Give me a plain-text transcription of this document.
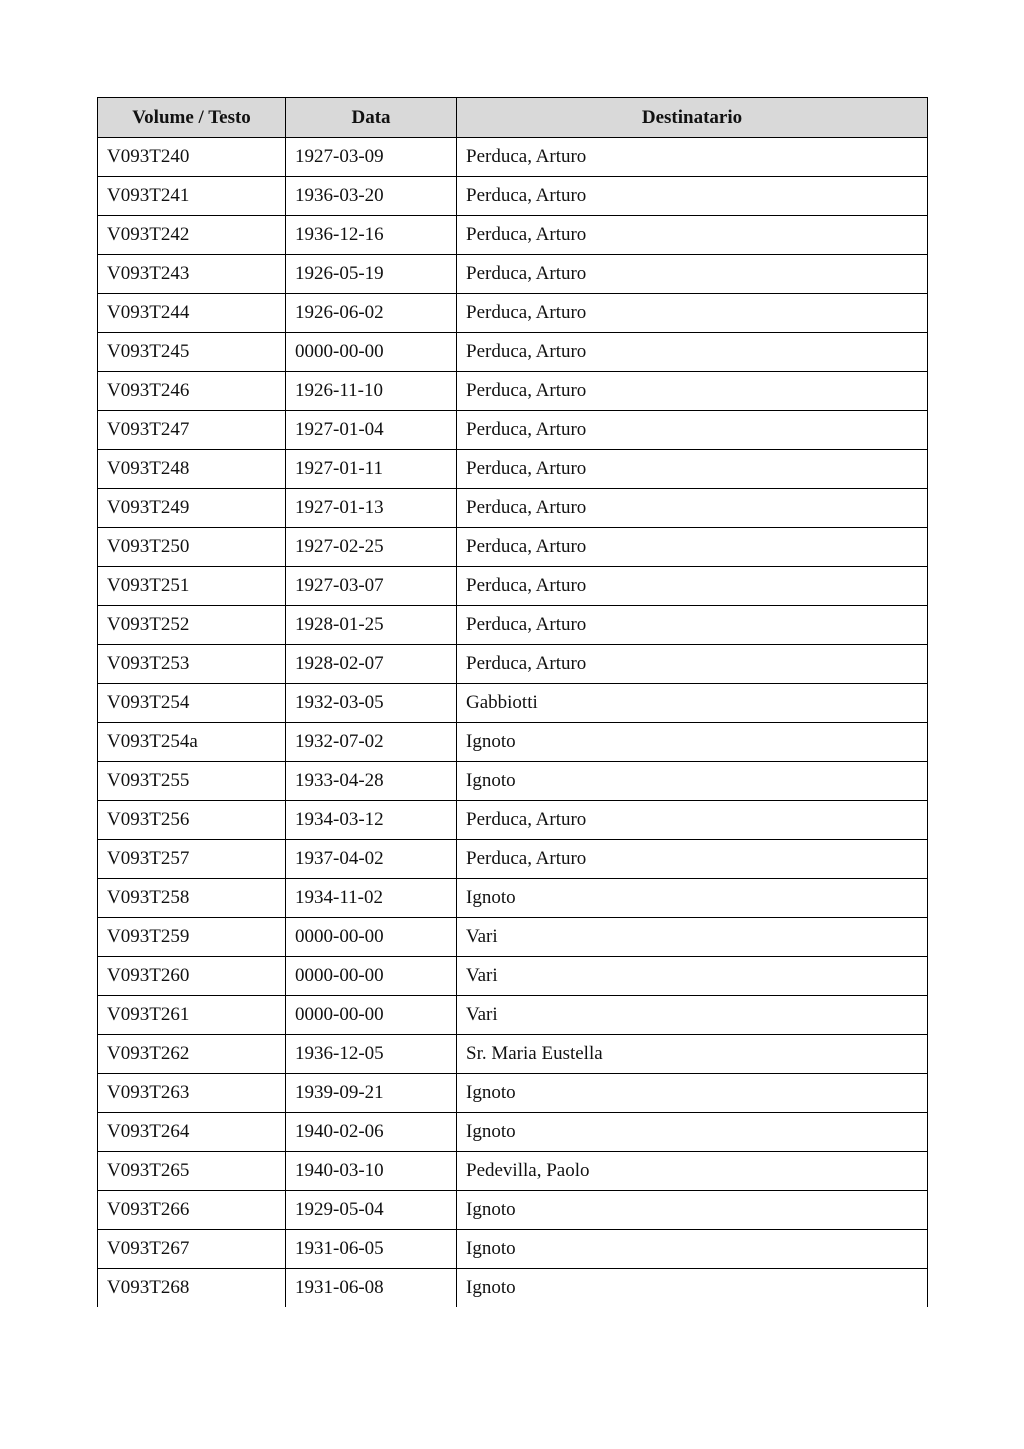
Volume / Testo	Data	Destinatario
V093T240	1927-03-09	Perduca, Arturo
V093T241	1936-03-20	Perduca, Arturo
V093T242	1936-12-16	Perduca, Arturo
V093T243	1926-05-19	Perduca, Arturo
V093T244	1926-06-02	Perduca, Arturo
V093T245	0000-00-00	Perduca, Arturo
V093T246	1926-11-10	Perduca, Arturo
V093T247	1927-01-04	Perduca, Arturo
V093T248	1927-01-11	Perduca, Arturo
V093T249	1927-01-13	Perduca, Arturo
V093T250	1927-02-25	Perduca, Arturo
V093T251	1927-03-07	Perduca, Arturo
V093T252	1928-01-25	Perduca, Arturo
V093T253	1928-02-07	Perduca, Arturo
V093T254	1932-03-05	Gabbiotti
V093T254a	1932-07-02	Ignoto
V093T255	1933-04-28	Ignoto
V093T256	1934-03-12	Perduca, Arturo
V093T257	1937-04-02	Perduca, Arturo
V093T258	1934-11-02	Ignoto
V093T259	0000-00-00	Vari
V093T260	0000-00-00	Vari
V093T261	0000-00-00	Vari
V093T262	1936-12-05	Sr. Maria Eustella
V093T263	1939-09-21	Ignoto
V093T264	1940-02-06	Ignoto
V093T265	1940-03-10	Pedevilla, Paolo
V093T266	1929-05-04	Ignoto
V093T267	1931-06-05	Ignoto
V093T268	1931-06-08	Ignoto
